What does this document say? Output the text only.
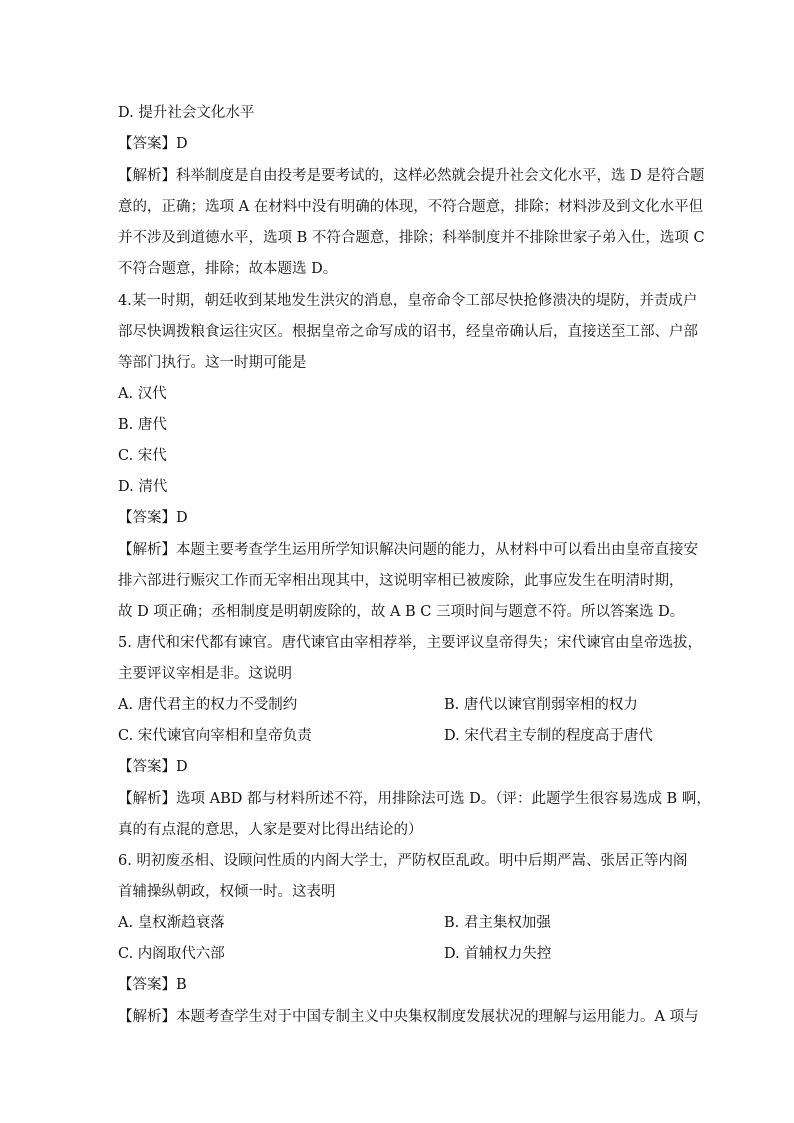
D. 提升社会文化水平
【答案】D
【解析】科举制度是自由投考是要考试的，这样必然就会提升社会文化水平，选 D 是符合题
意的，正确；选项 A 在材料中没有明确的体现，不符合题意，排除；材料涉及到文化水平但
并不涉及到道德水平，选项 B 不符合题意，排除；科举制度并不排除世家子弟入仕，选项 C
不符合题意，排除；故本题选 D。
4.某一时期，朝廷收到某地发生洪灾的消息，皇帝命令工部尽快抢修溃决的堤防，并责成户
部尽快调拨粮食运往灾区。根据皇帝之命写成的诏书，经皇帝确认后，直接送至工部、户部
等部门执行。这一时期可能是
A. 汉代
B. 唐代
C. 宋代
D. 清代
【答案】D
【解析】本题主要考查学生运用所学知识解决问题的能力，从材料中可以看出由皇帝直接安
排六部进行赈灾工作而无宰相出现其中，这说明宰相已被废除，此事应发生在明清时期，
故 D 项正确；丞相制度是明朝废除的，故 A B C 三项时间与题意不符。所以答案选 D。
5. 唐代和宋代都有谏官。唐代谏官由宰相荐举，主要评议皇帝得失；宋代谏官由皇帝选拔，
主要评议宰相是非。这说明
A. 唐代君主的权力不受制约	B. 唐代以谏官削弱宰相的权力
C. 宋代谏官向宰相和皇帝负责	D. 宋代君主专制的程度高于唐代
【答案】D
【解析】选项 ABD 都与材料所述不符，用排除法可选 D。（评：此题学生很容易选成 B 啊，
真的有点混的意思，人家是要对比得出结论的）
6. 明初废丞相、设顾问性质的内阁大学士，严防权臣乱政。明中后期严嵩、张居正等内阁
首辅操纵朝政，权倾一时。这表明
A. 皇权渐趋衰落	B. 君主集权加强
C. 内阁取代六部	D. 首辅权力失控
【答案】B
【解析】本题考查学生对于中国专制主义中央集权制度发展状况的理解与运用能力。A 项与
